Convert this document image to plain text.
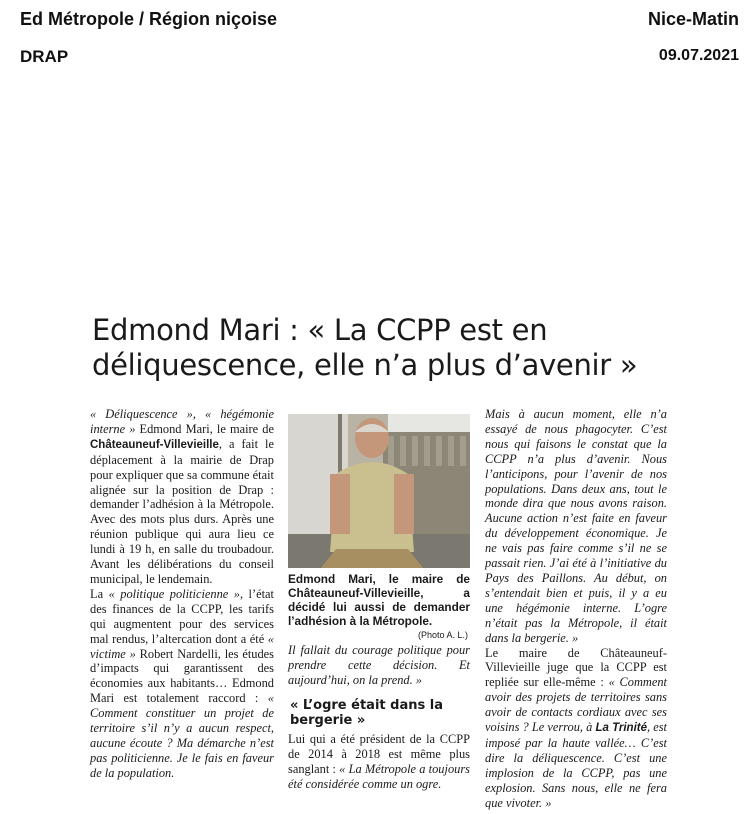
Ed Métropole / Région niçoise
DRAP
Nice-Matin
09.07.2021
Edmond Mari : « La CCPP est en
déliquescence, elle n’a plus d’avenir »

« Déliquescence », « hégémonie interne » Edmond Mari, le maire de Châteauneuf-Villevieille, a fait le déplacement à la mairie de Drap pour expliquer que sa commune était alignée sur la position de Drap : demander l’adhésion à la Métropole. Avec des mots plus durs. Après une réunion publique qui aura lieu ce lundi à 19 h, en salle du troubadour. Avant les délibérations du conseil municipal, le lendemain.

La « politique politicienne », l’état des finances de la CCPP, les tarifs qui augmentent pour des services mal rendus, l’altercation dont a été « victime » Robert Nardelli, les études d’impacts qui garantissent des économies aux habitants… Edmond Mari est totalement raccord : « Comment constituer un projet de territoire s’il n’y a aucun respect, aucune écoute ? Ma démarche n’est pas politicienne. Je le fais en faveur de la population.

Edmond Mari, le maire de Châteauneuf-Villevieille, a décidé lui aussi de demander l’adhésion à la Métropole.
(Photo A. L.)

Il fallait du courage politique pour prendre cette décision. Et aujourd’hui, on la prend. »

« L’ogre était dans la bergerie »

Lui qui a été président de la CCPP de 2014 à 2018 est même plus sanglant : « La Métropole a toujours été considérée comme un ogre.

Mais à aucun moment, elle n’a essayé de nous phagocyter. C’est nous qui faisons le constat que la CCPP n’a plus d’avenir. Nous l’anticipons, pour l’avenir de nos populations. Dans deux ans, tout le monde dira que nous avons raison. Aucune action n’est faite en faveur du développement économique. Je ne vais pas faire comme s’il ne se passait rien. J’ai été à l’initiative du Pays des Paillons. Au début, on s’entendait bien et puis, il y a eu une hégémonie interne. L’ogre n’était pas la Métropole, il était dans la bergerie. »

Le maire de Châteauneuf-Villevieille juge que la CCPP est repliée sur elle-même : « Comment avoir des projets de territoires sans avoir de contacts cordiaux avec ses voisins ? Le verrou, à La Trinité, est imposé par la haute vallée… C’est dire la déliquescence. C’est une implosion de la CCPP, pas une explosion. Sans nous, elle ne fera que vivoter. »
